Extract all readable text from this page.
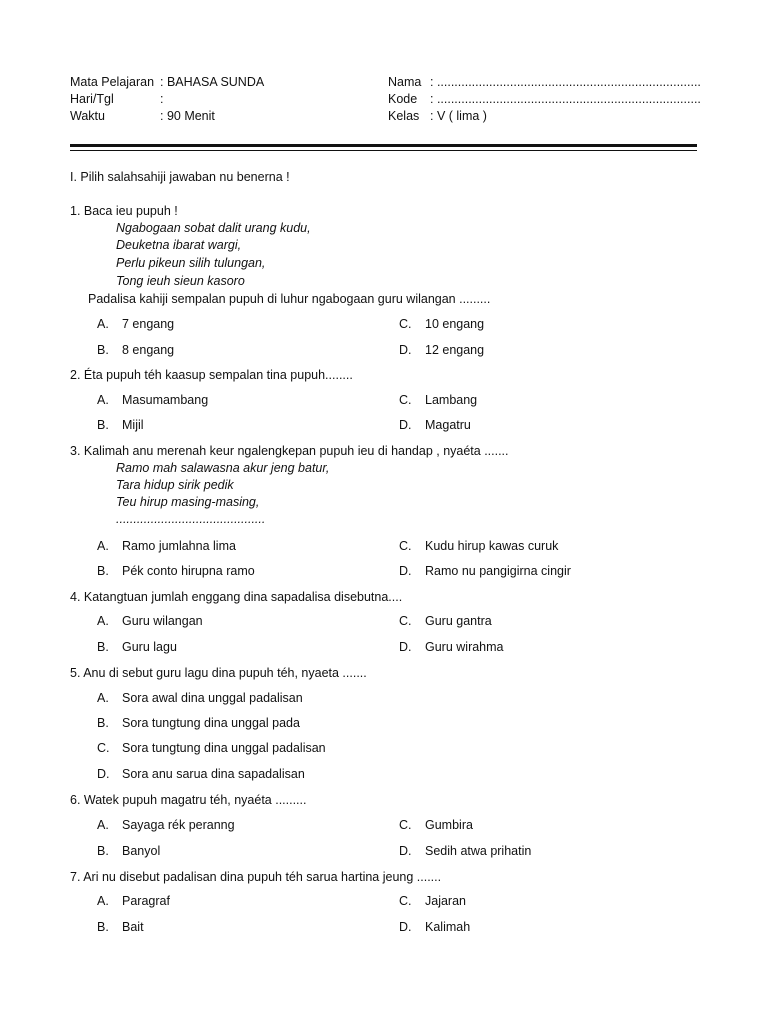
Mata Pelajaran : BAHASA SUNDA
Hari/Tgl	:
Waktu	: 90 Menit
Nama : ............................................................................
Kode : ............................................................................
Kelas : V ( lima )
I. Pilih salahsahiji jawaban nu benerna !
1. Baca ieu pupuh !
Ngabogaan sobat dalit urang kudu,
Deuketna ibarat wargi,
Perlu pikeun silih tulungan,
Tong ieuh sieun kasoro
Padalisa kahiji sempalan pupuh di luhur ngabogaan guru wilangan .........
A. 7 engang
B. 8 engang
C. 10 engang
D. 12 engang
2. Éta pupuh téh kaasup sempalan tina pupuh........
A. Masumambang
B. Mijil
C. Lambang
D. Magatru
3. Kalimah anu merenah keur ngalengkepan pupuh ieu di handap , nyaéta .......
Ramo mah salawasna akur jeng batur,
Tara hidup sirik pedik
Teu hirup masing-masing,
...........................................
A. Ramo jumlahna lima
B. Pék conto hirupna ramo
C. Kudu hirup kawas curuk
D. Ramo nu pangigirna cingir
4. Katangtuan jumlah enggang dina sapadalisa disebutna....
A. Guru wilangan
B. Guru lagu
C. Guru gantra
D. Guru wirahma
5. Anu di sebut guru lagu dina pupuh téh, nyaeta .......
A. Sora awal dina unggal padalisan
B. Sora tungtung dina unggal pada
C. Sora tungtung dina unggal padalisan
D. Sora anu sarua dina sapadalisan
6. Watek pupuh magatru téh, nyaéta .........
A. Sayaga rék peranng
B. Banyol
C. Gumbira
D. Sedih atwa prihatin
7. Ari nu disebut padalisan dina pupuh téh sarua hartina jeung .......
A. Paragraf
B. Bait
C. Jajaran
D. Kalimah
